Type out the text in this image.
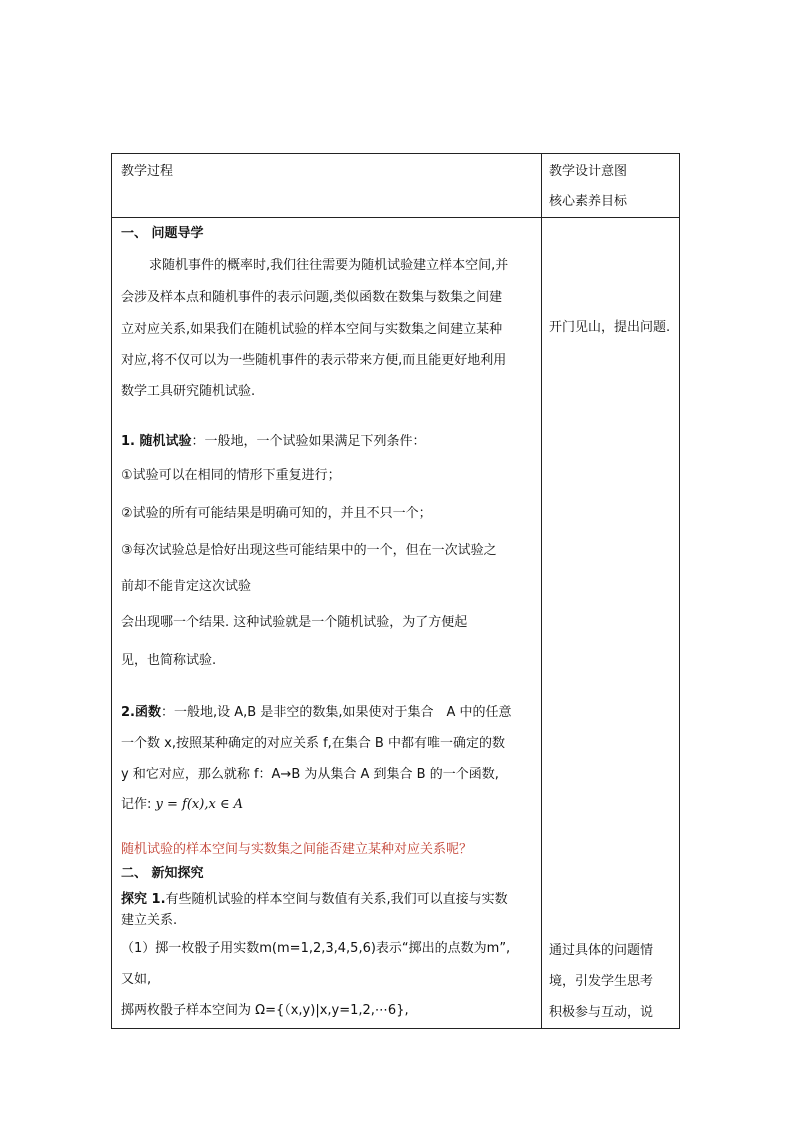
教学过程	教学设计意图
核心素养目标
一、 问题导学
求随机事件的概率时,我们往往需要为随机试验建立样本空间,并
会涉及样本点和随机事件的表示问题,类似函数在数集与数集之间建
立对应关系,如果我们在随机试验的样本空间与实数集之间建立某种
对应,将不仅可以为一些随机事件的表示带来方便,而且能更好地利用
数学工具研究随机试验.
1. 随机试验：一般地，一个试验如果满足下列条件：
①试验可以在相同的情形下重复进行；
②试验的所有可能结果是明确可知的，并且不只一个；
③每次试验总是恰好出现这些可能结果中的一个，但在一次试验之
前却不能肯定这次试验
会出现哪一个结果. 这种试验就是一个随机试验，为了方便起
见，也简称试验.
2.函数：一般地,设 A,B 是非空的数集,如果使对于集合　A 中的任意
一个数 x,按照某种确定的对应关系 f,在集合 B 中都有唯一确定的数
y 和它对应，那么就称 f：A→B 为从集合 A 到集合 B 的一个函数,
记作: y = f(x),x ∈ A
随机试验的样本空间与实数集之间能否建立某种对应关系呢？
二、 新知探究
探究 1.有些随机试验的样本空间与数值有关系,我们可以直接与实数
建立关系.
（1）掷一枚骰子用实数m(m=1,2,3,4,5,6)表示“掷出的点数为m”,
又如,
掷两枚骰子样本空间为 Ω={（x,y)|x,y=1,2,⋯6},
开门见山，提出问题.
通过具体的问题情
境，引发学生思考
积极参与互动，说
